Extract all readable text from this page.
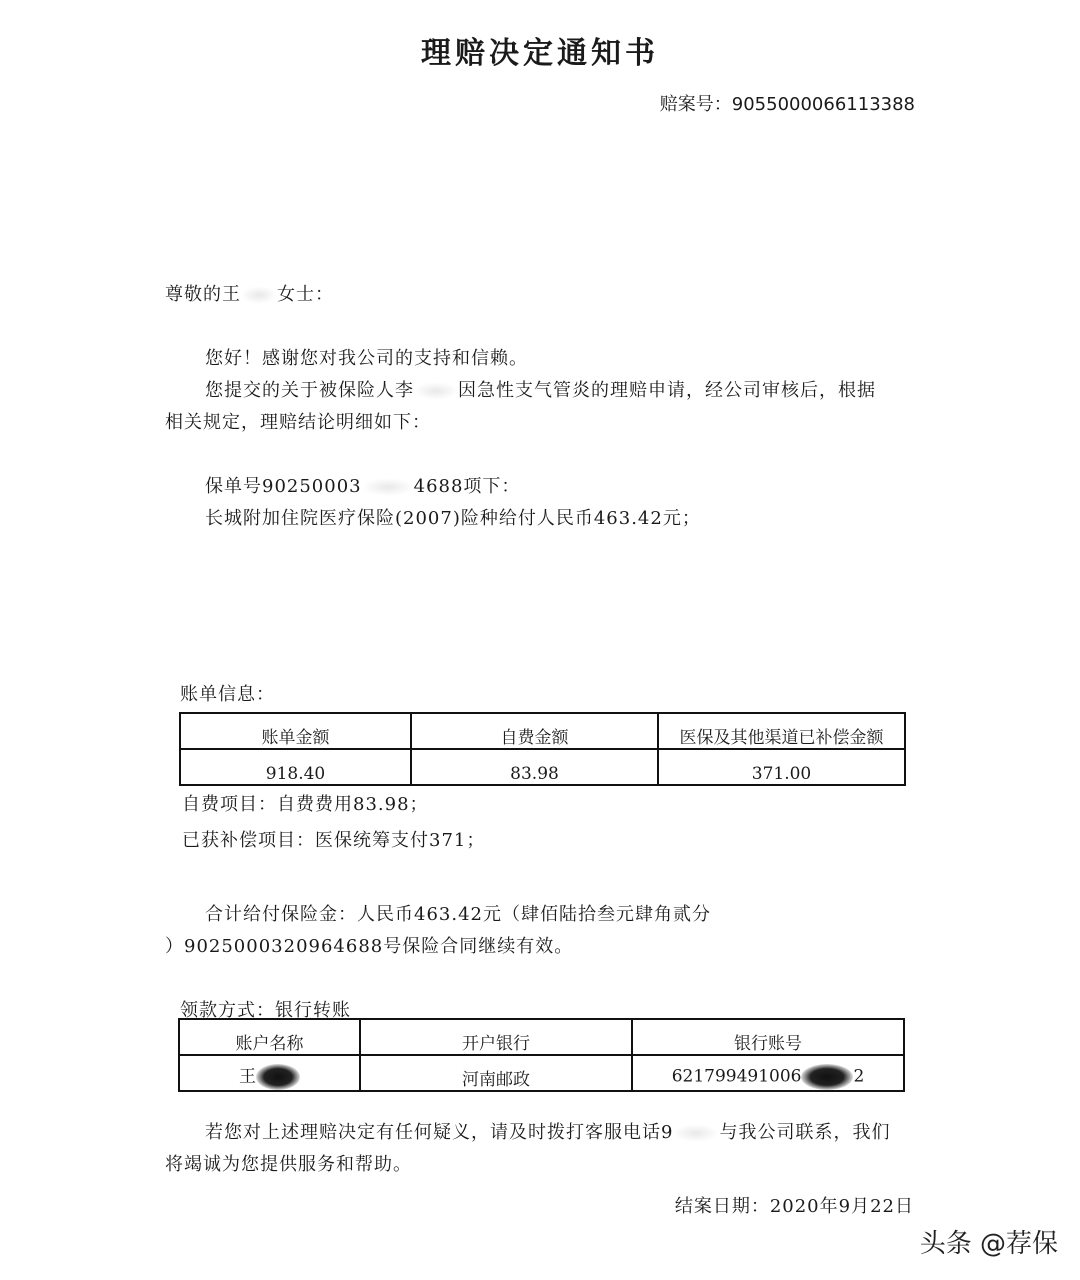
理赔决定通知书
赔案号：9055000066113388
尊敬的王 女士：
您好！感谢您对我公司的支持和信赖。
您提交的关于被保险人李 因急性支气管炎的理赔申请，经公司审核后，根据
相关规定，理赔结论明细如下：
保单号90250003	4688项下：
长城附加住院医疗保险(2007)险种给付人民币463.42元；
账单信息：
账单金额	自费金额	医保及其他渠道已补偿金额
918.40	83.98	371.00
自费项目：自费费用83.98；
已获补偿项目：医保统筹支付371；
合计给付保险金：人民币463.42元（肆佰陆拾叁元肆角贰分
）9025000320964688号保险合同继续有效。
领款方式：银行转账
账户名称	开户银行	银行账号
王	河南邮政	621799491006 2
若您对上述理赔决定有任何疑义，请及时拨打客服电话9	与我公司联系，我们
将竭诚为您提供服务和帮助。
结案日期：2020年9月22日
头条 @荐保
